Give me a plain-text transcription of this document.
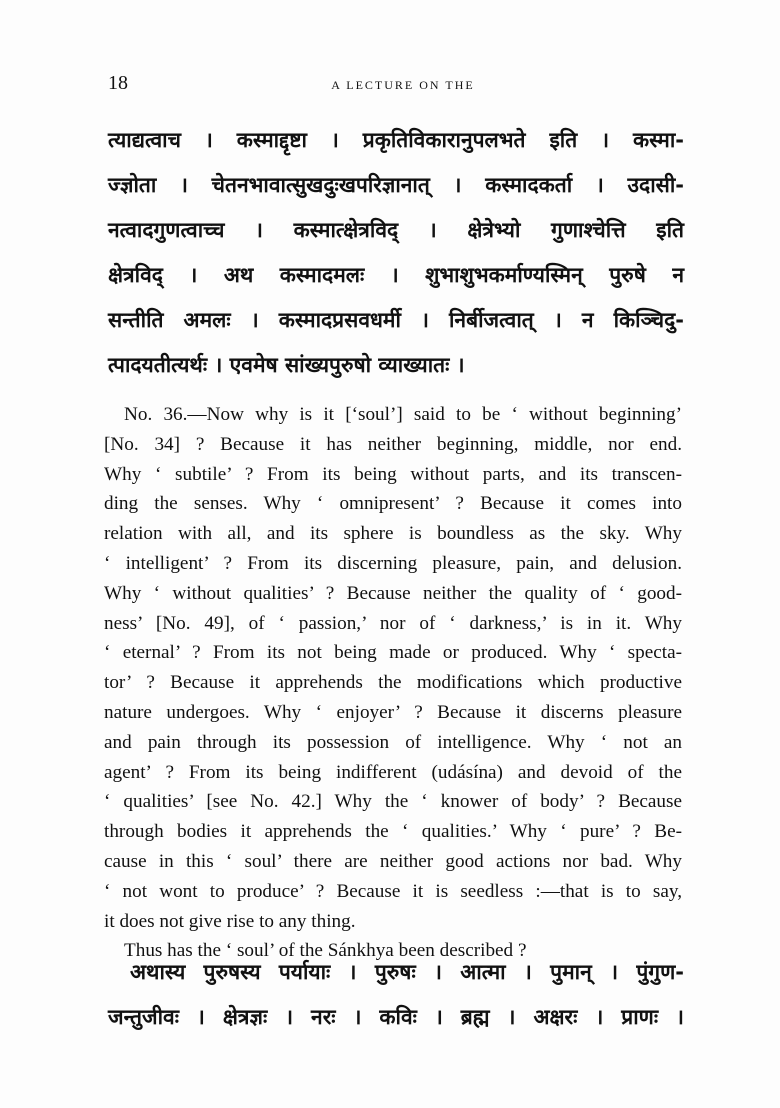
18	A LECTURE ON THE
त्याद्यत्वाच । कस्माद्दृष्टा । प्रकृतिविकारानुपलभते इति । कस्मा-
ज्ज्ञोता । चेतनभावात्सुखदुःखपरिज्ञानात् । कस्मादकर्ता । उदासी-
नत्वादगुणत्वाच्च । कस्मात्क्षेत्रविद् । क्षेत्रेभ्यो गुणाश्चेत्ति इति
क्षेत्रविद् । अथ कस्मादमलः । शुभाशुभकर्माण्यस्मिन् पुरुषे न
सन्तीति अमलः । कस्मादप्रसवधर्मी । निर्बीजत्वात् । न किञ्चिदु-
त्पादयतीत्यर्थः । एवमेष सांख्यपुरुषो व्याख्यातः ।
No. 36.—Now why is it [‘soul’] said to be ‘ without beginning’
[No. 34] ? Because it has neither beginning, middle, nor end.
Why ‘ subtile’ ? From its being without parts, and its transcen-
ding the senses. Why ‘ omnipresent’ ? Because it comes into
relation with all, and its sphere is boundless as the sky. Why
‘ intelligent’ ? From its discerning pleasure, pain, and delusion.
Why ‘ without qualities’ ? Because neither the quality of ‘ good-
ness’ [No. 49], of ‘ passion,’ nor of ‘ darkness,’ is in it. Why
‘ eternal’ ? From its not being made or produced. Why ‘ specta-
tor’ ? Because it apprehends the modifications which productive
nature undergoes. Why ‘ enjoyer’ ? Because it discerns pleasure
and pain through its possession of intelligence. Why ‘ not an
agent’ ? From its being indifferent (udásína) and devoid of the
‘ qualities’ [see No. 42.] Why the ‘ knower of body’ ? Because
through bodies it apprehends the ‘ qualities.’ Why ‘ pure’ ? Be-
cause in this ‘ soul’ there are neither good actions nor bad. Why
‘ not wont to produce’ ? Because it is seedless :—that is to say,
it does not give rise to any thing.
Thus has the ‘ soul’ of the Sánkhya been described ?
अथास्य पुरुषस्य पर्यायाः । पुरुषः । आत्मा । पुमान् । पुंगुण-
जन्तुजीवः । क्षेत्रज्ञः । नरः । कविः । ब्रह्म । अक्षरः । प्राणः ।
